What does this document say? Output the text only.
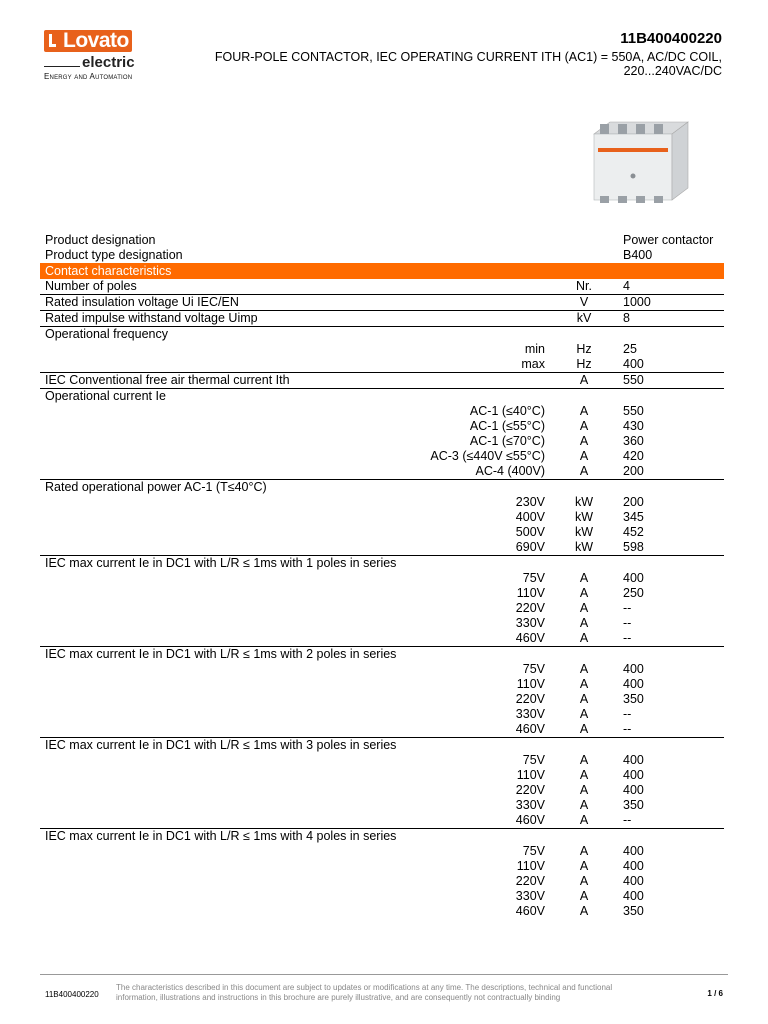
Lovato
electric
Energy and Automation
11B400400220
FOUR-POLE CONTACTOR, IEC OPERATING CURRENT ITH (AC1) = 550A, AC/DC COIL, 220...240VAC/DC
Product designation			Power contactor
Product type designation			B400
Contact characteristics			
Number of poles		Nr.	4
Rated insulation voltage Ui IEC/EN		V	1000
Rated impulse withstand voltage Uimp		kV	8
Operational frequency			
	min	Hz	25
	max	Hz	400
IEC Conventional free air thermal current Ith		A	550
Operational current Ie			
	AC-1 (≤40°C)	A	550
	AC-1 (≤55°C)	A	430
	AC-1 (≤70°C)	A	360
	AC-3 (≤440V ≤55°C)	A	420
	AC-4 (400V)	A	200
Rated operational power AC-1 (T≤40°C)			
	230V	kW	200
	400V	kW	345
	500V	kW	452
	690V	kW	598
IEC max current Ie in DC1 with L/R ≤ 1ms with 1 poles in series			
	75V	A	400
	110V	A	250
	220V	A	--
	330V	A	--
	460V	A	--
IEC max current Ie in DC1 with L/R ≤ 1ms with 2 poles in series			
	75V	A	400
	110V	A	400
	220V	A	350
	330V	A	--
	460V	A	--
IEC max current Ie in DC1 with L/R ≤ 1ms with 3 poles in series			
	75V	A	400
	110V	A	400
	220V	A	400
	330V	A	350
	460V	A	--
IEC max current Ie in DC1 with L/R ≤ 1ms with 4 poles in series			
	75V	A	400
	110V	A	400
	220V	A	400
	330V	A	400
	460V	A	350
11B400400220
The characteristics described in this document are subject to updates or modifications at any time. The descriptions, technical and functional information, illustrations and instructions in this brochure are purely illustrative, and are consequently not contractually binding	1 / 6
